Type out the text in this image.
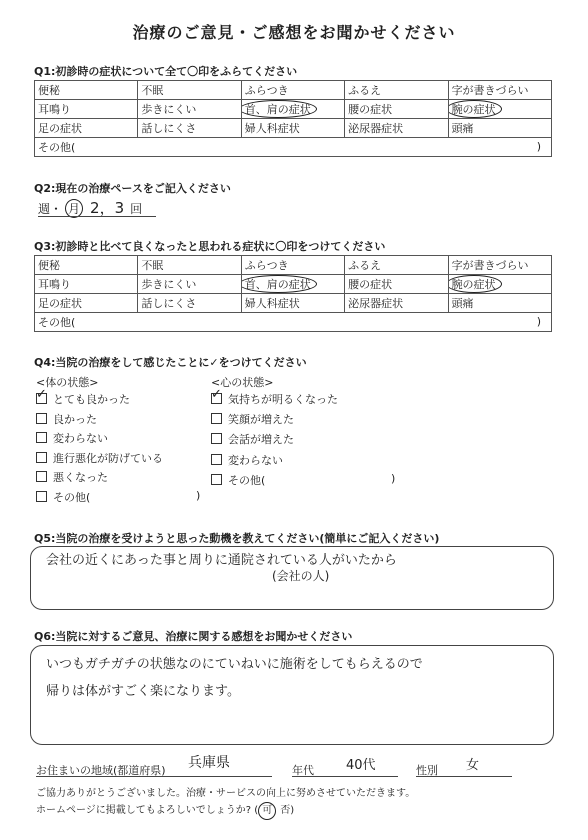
治療のご意見・ご感想をお聞かせください
Q1:初診時の症状について全て〇印をふらてください
便秘	不眠	ふらつき	ふるえ	字が書きづらい
耳鳴り	歩きにくい	首、肩の症状	腰の症状	腕の症状
足の症状	話しにくさ	婦人科症状	泌尿器症状	頭痛
その他( )				
Q2:現在の治療ペースをご記入ください
週・ 月 2，3 回
Q3:初診時と比べて良くなったと思われる症状に〇印をつけてください
便秘	不眠	ふらつき	ふるえ	字が書きづらい
耳鳴り	歩きにくい	首、肩の症状	腰の症状	腕の症状
足の症状	話しにくさ	婦人科症状	泌尿器症状	頭痛
その他( )				
Q4:当院の治療をして感じたことに✓をつけてください
<体の状態>	<心の状態>
✓とても良かった
良かった
変わらない
進行悪化が防げている
悪くなった
その他(
✓気持ちが明るくなった
笑顔が増えた
会話が増えた
変わらない
その他(
)
)
Q5:当院の治療を受けようと思った動機を教えてください(簡単にご記入ください)
会社の近くにあった事と周りに通院されている人がいたから
(会社の人)
Q6:当院に対するご意見、治療に関する感想をお聞かせください
いつもガチガチの状態なのにていねいに施術をしてもらえるので
帰りは体がすごく楽になります。
お住まいの地域(都道府県) 兵庫県	年代 40代	性別 女
ご協力ありがとうございました。治療・サービスの向上に努めさせていただきます。
ホームページに掲載してもよろしいでしょうか? ( 可 否)
